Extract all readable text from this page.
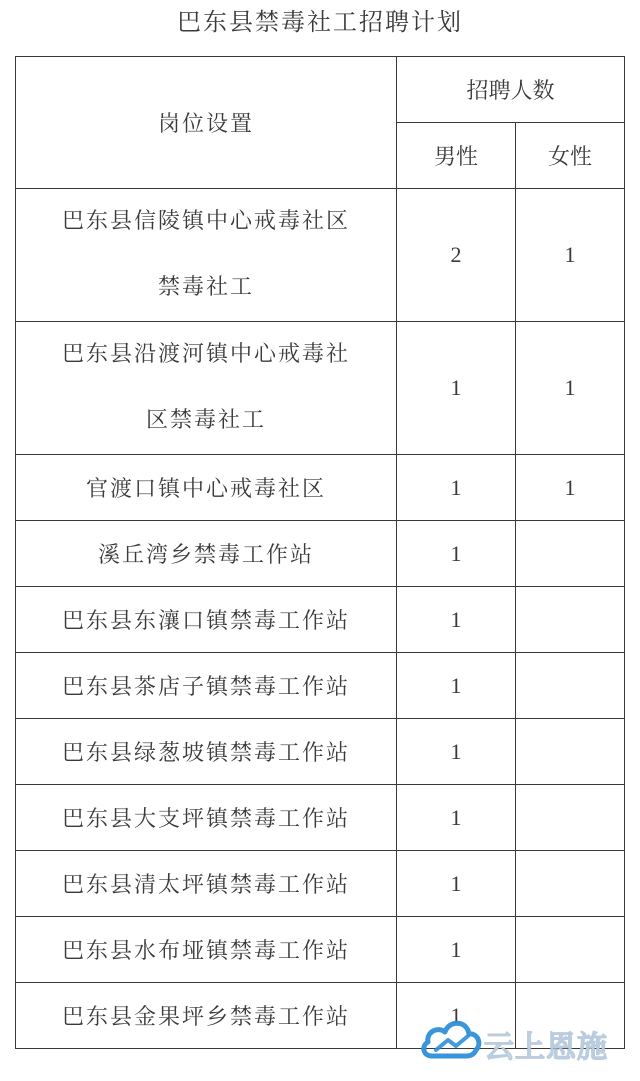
巴东县禁毒社工招聘计划
岗位设置	招聘人数	
	男性	女性
巴东县信陵镇中心戒毒社区
禁毒社工	2	1
巴东县沿渡河镇中心戒毒社
区禁毒社工	1	1
官渡口镇中心戒毒社区	1	1
溪丘湾乡禁毒工作站	1	
巴东县东瀼口镇禁毒工作站	1	
巴东县茶店子镇禁毒工作站	1	
巴东县绿葱坡镇禁毒工作站	1	
巴东县大支坪镇禁毒工作站	1	
巴东县清太坪镇禁毒工作站	1	
巴东县水布垭镇禁毒工作站	1	
巴东县金果坪乡禁毒工作站	1	
云上恩施
